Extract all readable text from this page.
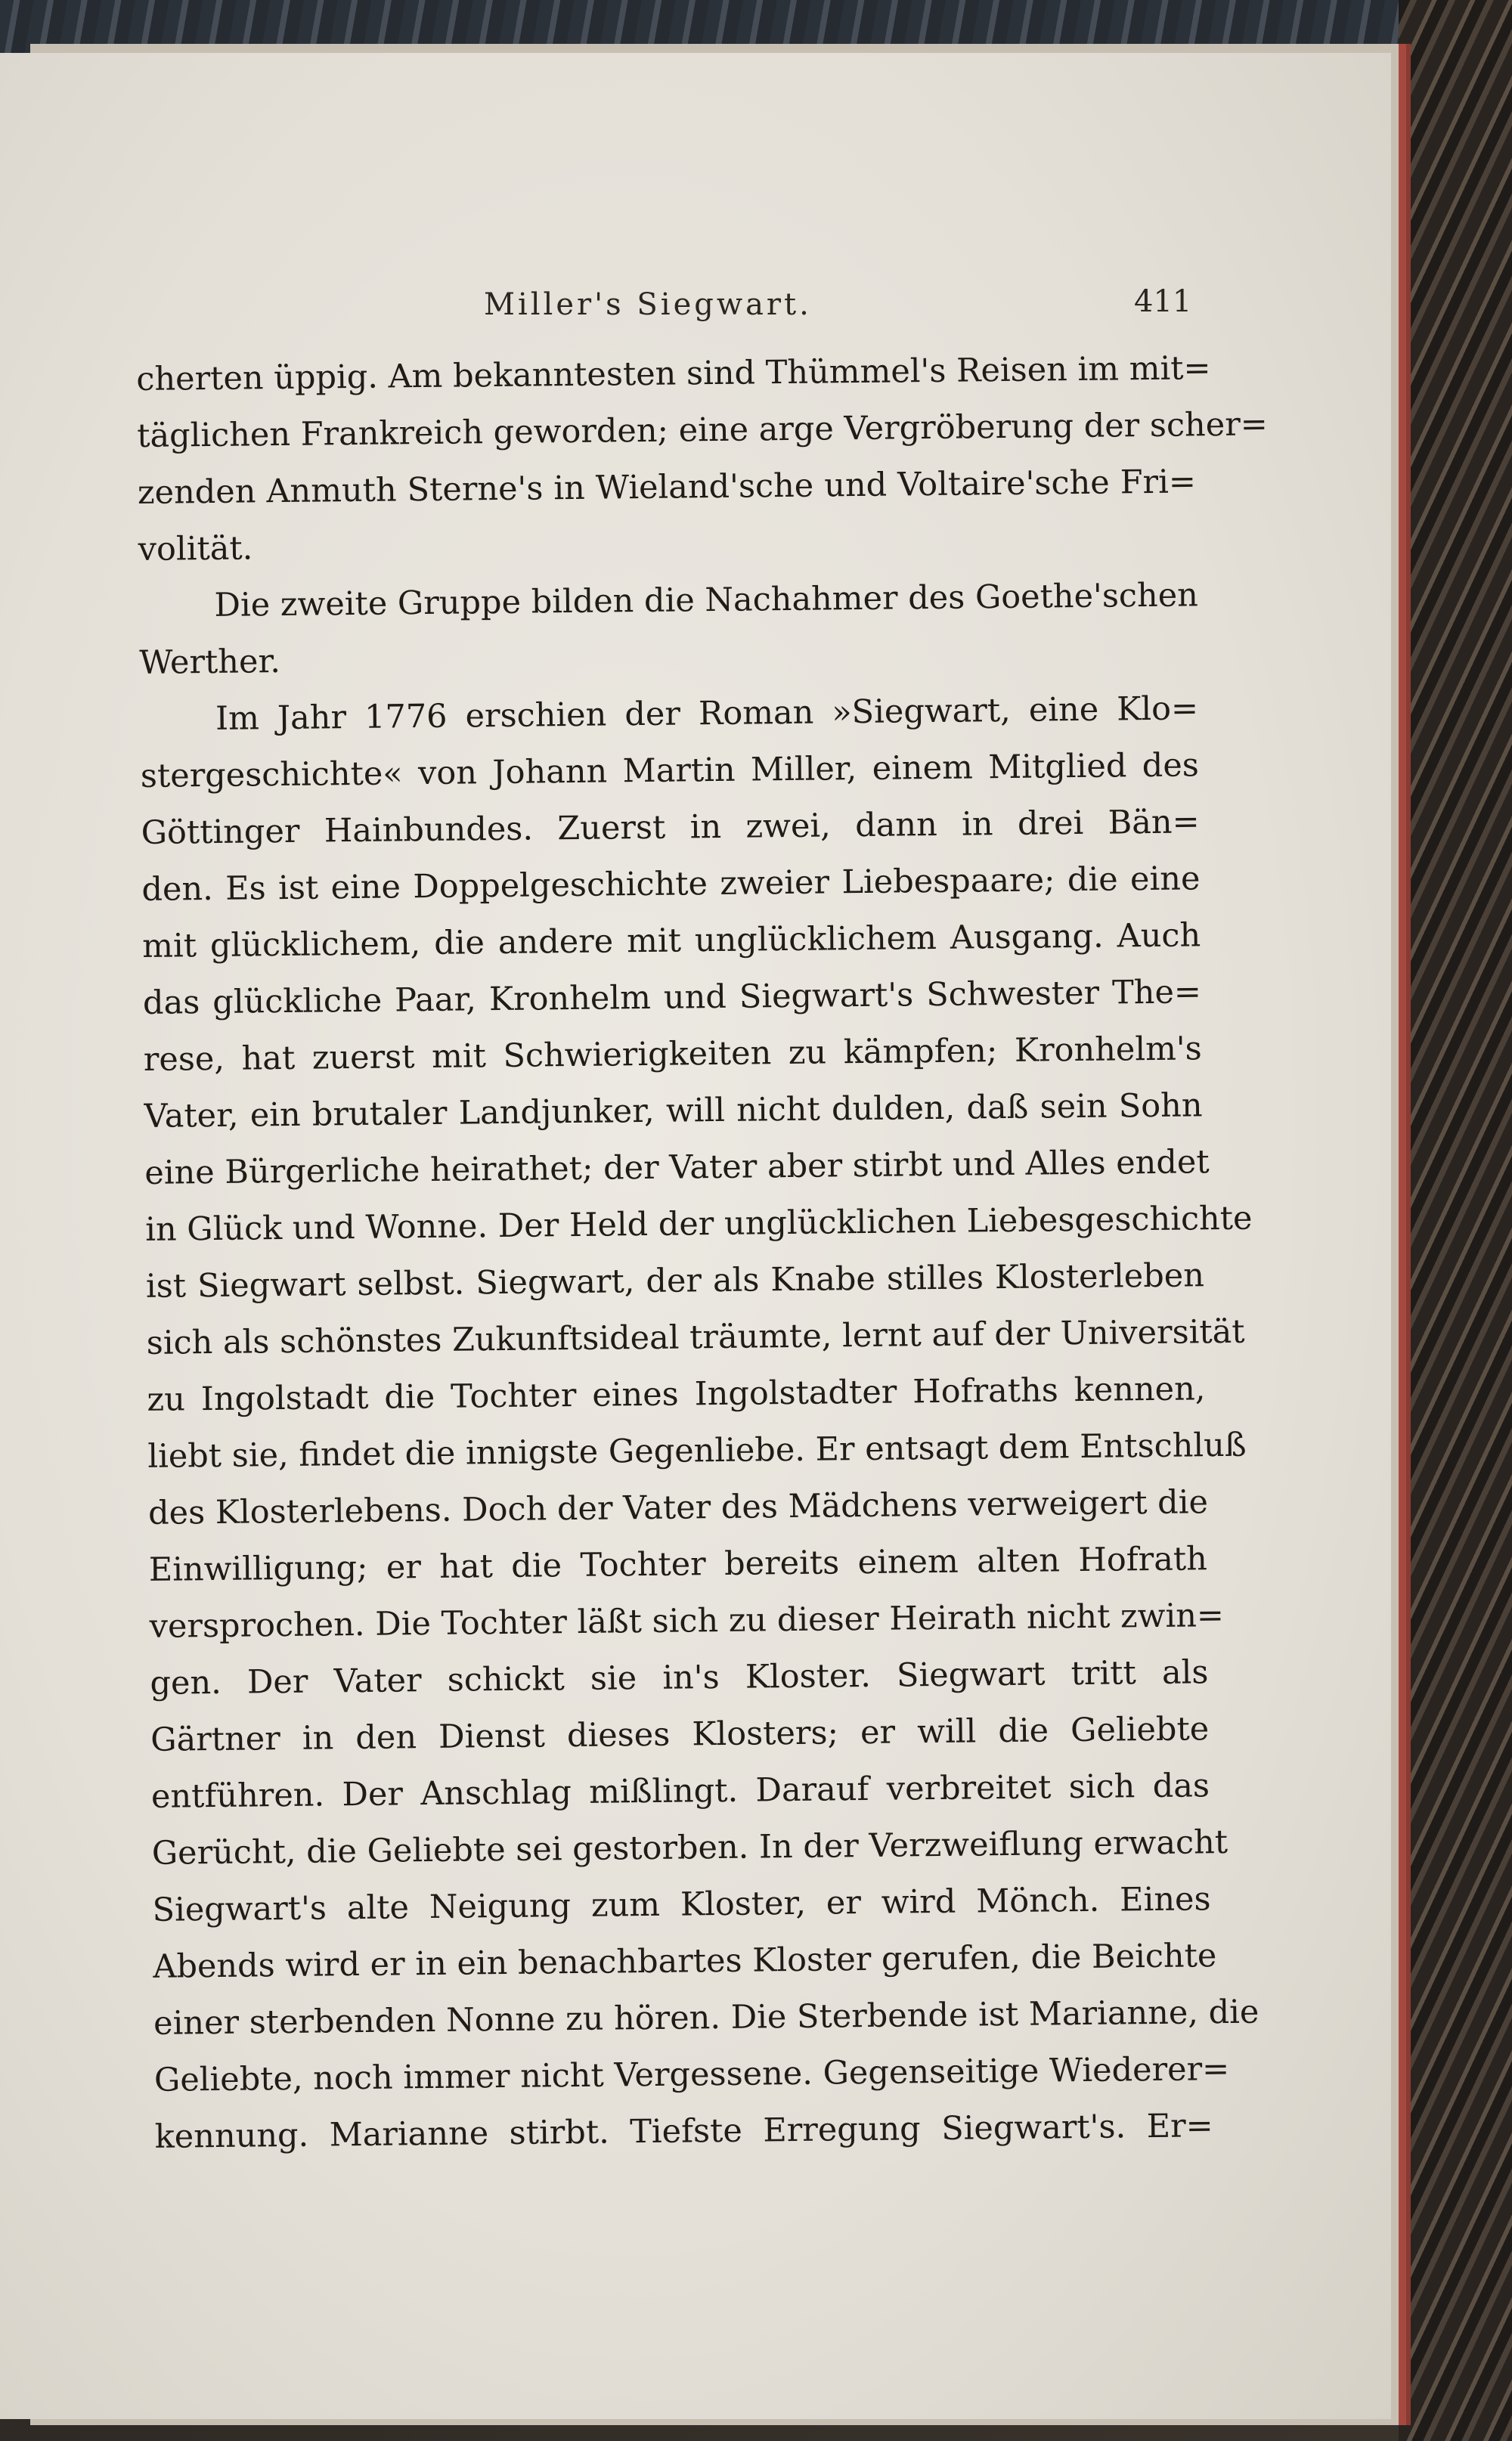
Miller's Siegwart.	411
cherten üppig. Am bekanntesten sind Thümmel's Reisen im mit=
täglichen Frankreich geworden; eine arge Vergröberung der scher=
zenden Anmuth Sterne's in Wieland'sche und Voltaire'sche Fri=
volität.
Die zweite Gruppe bilden die Nachahmer des Goethe'schen
Werther.
Im Jahr 1776 erschien der Roman »Siegwart, eine Klo=
stergeschichte« von Johann Martin Miller, einem Mitglied des
Göttinger Hainbundes. Zuerst in zwei, dann in drei Bän=
den. Es ist eine Doppelgeschichte zweier Liebespaare; die eine
mit glücklichem, die andere mit unglücklichem Ausgang. Auch
das glückliche Paar, Kronhelm und Siegwart's Schwester The=
rese, hat zuerst mit Schwierigkeiten zu kämpfen; Kronhelm's
Vater, ein brutaler Landjunker, will nicht dulden, daß sein Sohn
eine Bürgerliche heirathet; der Vater aber stirbt und Alles endet
in Glück und Wonne. Der Held der unglücklichen Liebesgeschichte
ist Siegwart selbst. Siegwart, der als Knabe stilles Klosterleben
sich als schönstes Zukunftsideal träumte, lernt auf der Universität
zu Ingolstadt die Tochter eines Ingolstadter Hofraths kennen,
liebt sie, findet die innigste Gegenliebe. Er entsagt dem Entschluß
des Klosterlebens. Doch der Vater des Mädchens verweigert die
Einwilligung; er hat die Tochter bereits einem alten Hofrath
versprochen. Die Tochter läßt sich zu dieser Heirath nicht zwin=
gen. Der Vater schickt sie in's Kloster. Siegwart tritt als
Gärtner in den Dienst dieses Klosters; er will die Geliebte
entführen. Der Anschlag mißlingt. Darauf verbreitet sich das
Gerücht, die Geliebte sei gestorben. In der Verzweiflung erwacht
Siegwart's alte Neigung zum Kloster, er wird Mönch. Eines
Abends wird er in ein benachbartes Kloster gerufen, die Beichte
einer sterbenden Nonne zu hören. Die Sterbende ist Marianne, die
Geliebte, noch immer nicht Vergessene. Gegenseitige Wiederer=
kennung. Marianne stirbt. Tiefste Erregung Siegwart's. Er=
